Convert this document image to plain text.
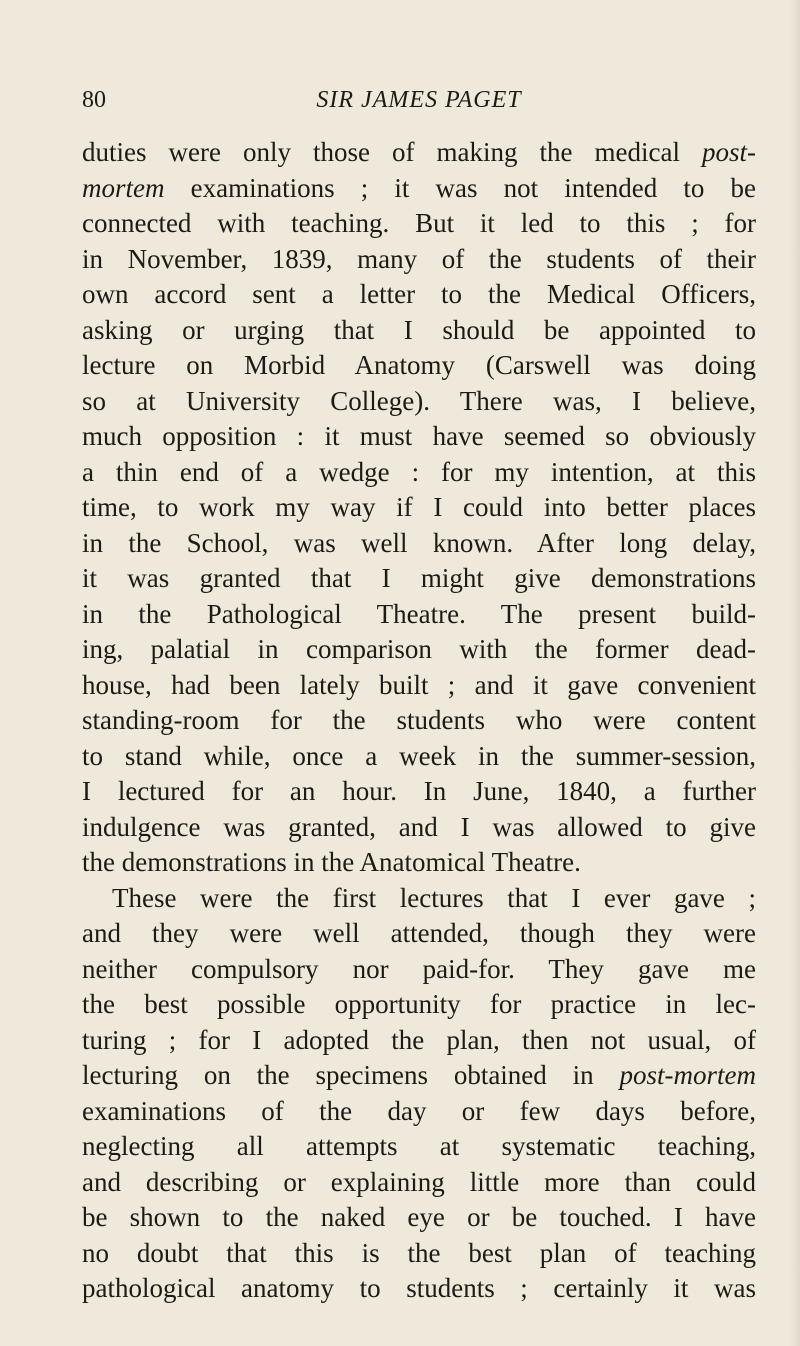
80	SIR JAMES PAGET
duties were only those of making the medical post-
mortem examinations ; it was not intended to be
connected with teaching. But it led to this ; for
in November, 1839, many of the students of their
own accord sent a letter to the Medical Officers,
asking or urging that I should be appointed to
lecture on Morbid Anatomy (Carswell was doing
so at University College). There was, I believe,
much opposition : it must have seemed so obviously
a thin end of a wedge : for my intention, at this
time, to work my way if I could into better places
in the School, was well known. After long delay,
it was granted that I might give demonstrations
in the Pathological Theatre. The present build-
ing, palatial in comparison with the former dead-
house, had been lately built ; and it gave convenient
standing-room for the students who were content
to stand while, once a week in the summer-session,
I lectured for an hour. In June, 1840, a further
indulgence was granted, and I was allowed to give
the demonstrations in the Anatomical Theatre.
These were the first lectures that I ever gave ;
and they were well attended, though they were
neither compulsory nor paid-for. They gave me
the best possible opportunity for practice in lec-
turing ; for I adopted the plan, then not usual, of
lecturing on the specimens obtained in post-mortem
examinations of the day or few days before,
neglecting all attempts at systematic teaching,
and describing or explaining little more than could
be shown to the naked eye or be touched. I have
no doubt that this is the best plan of teaching
pathological anatomy to students ; certainly it was
